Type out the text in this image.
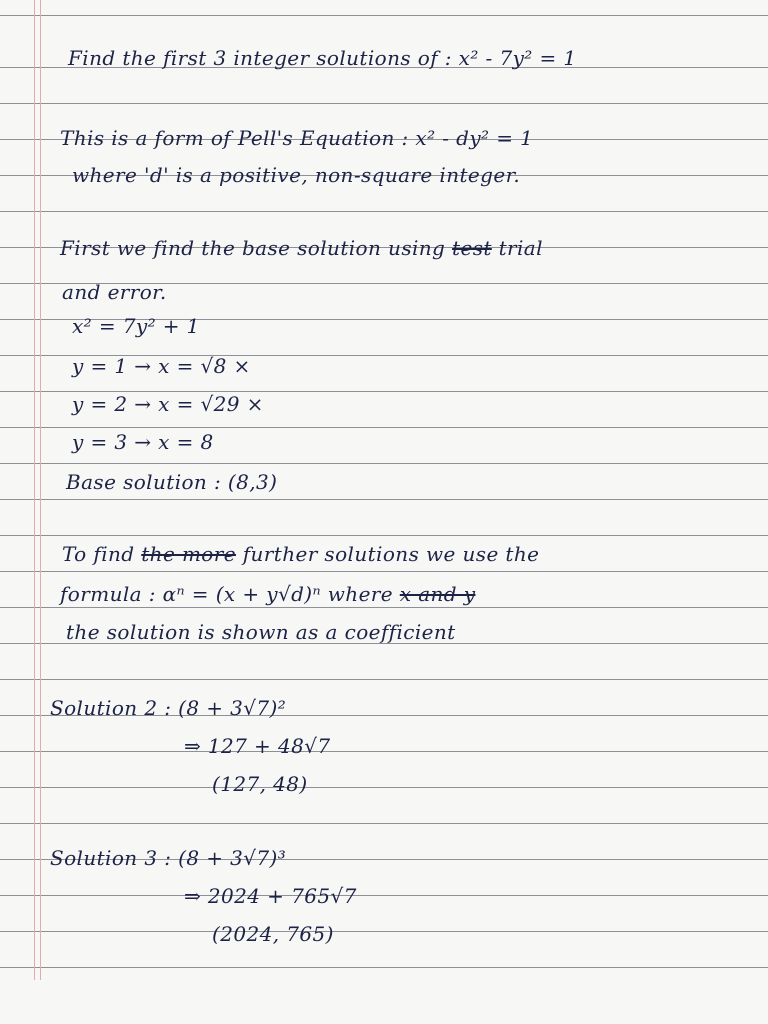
Find the first 3 integer solutions of : x² - 7y² = 1
This is a form of Pell's Equation : x² - dy² = 1
where 'd' is a positive, non-square integer.
First we find the base solution using test trial
and error.
x² = 7y² + 1
y = 1 → x = √8 ×
y = 2 → x = √29 ×
y = 3 → x = 8
Base solution : (8,3)
To find the more further solutions we use the
formula : αⁿ = (x + y√d)ⁿ where x and y
the solution is shown as a coefficient
Solution 2 : (8 + 3√7)²
⇒ 127 + 48√7
(127, 48)
Solution 3 : (8 + 3√7)³
⇒ 2024 + 765√7
(2024, 765)
